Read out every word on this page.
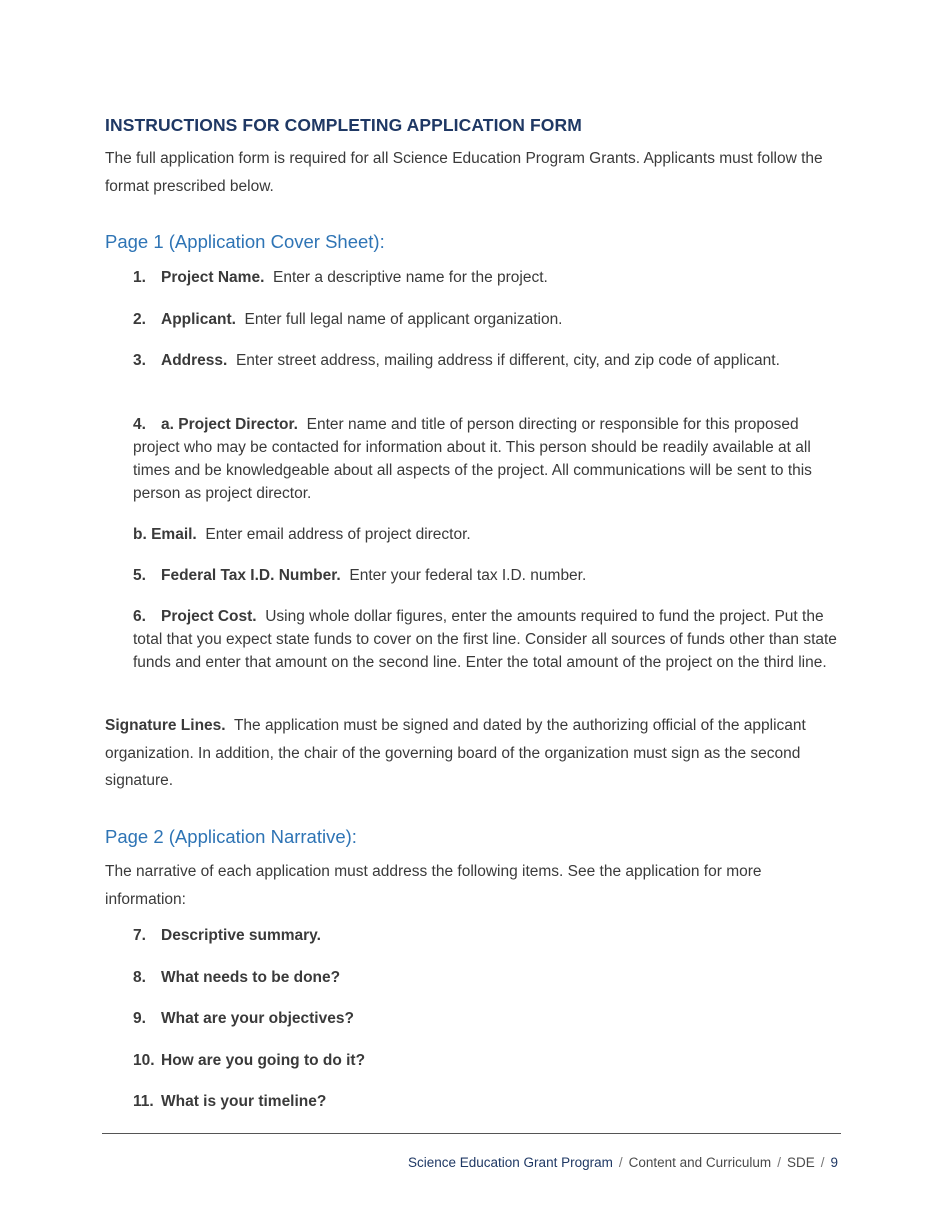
INSTRUCTIONS FOR COMPLETING APPLICATION FORM
The full application form is required for all Science Education Program Grants. Applicants must follow the format prescribed below.
Page 1 (Application Cover Sheet):
1. Project Name. Enter a descriptive name for the project.
2. Applicant. Enter full legal name of applicant organization.
3. Address. Enter street address, mailing address if different, city, and zip code of applicant.
4. a. Project Director. Enter name and title of person directing or responsible for this proposed project who may be contacted for information about it. This person should be readily available at all times and be knowledgeable about all aspects of the project. All communications will be sent to this person as project director.
b. Email. Enter email address of project director.
5. Federal Tax I.D. Number. Enter your federal tax I.D. number.
6. Project Cost. Using whole dollar figures, enter the amounts required to fund the project. Put the total that you expect state funds to cover on the first line. Consider all sources of funds other than state funds and enter that amount on the second line. Enter the total amount of the project on the third line.
Signature Lines. The application must be signed and dated by the authorizing official of the applicant organization. In addition, the chair of the governing board of the organization must sign as the second signature.
Page 2 (Application Narrative):
The narrative of each application must address the following items. See the application for more information:
7. Descriptive summary.
8. What needs to be done?
9. What are your objectives?
10. How are you going to do it?
11. What is your timeline?
Science Education Grant Program / Content and Curriculum / SDE / 9
